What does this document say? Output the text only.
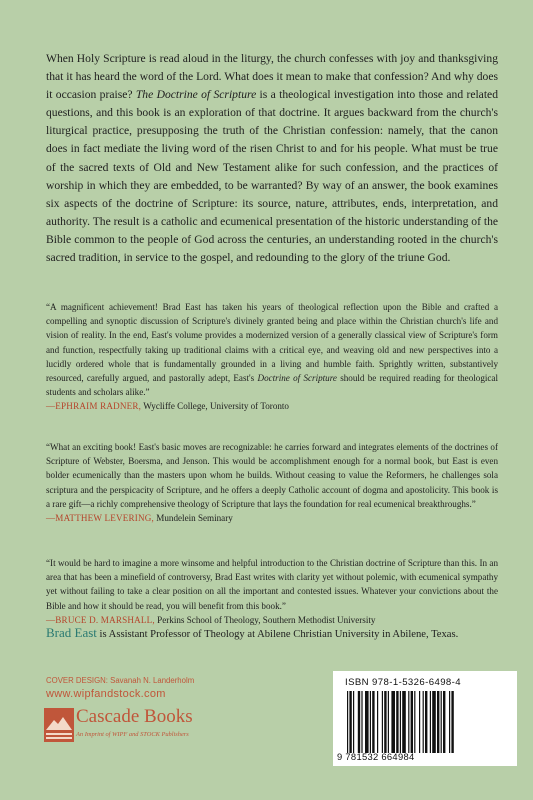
When Holy Scripture is read aloud in the liturgy, the church confesses with joy and thanksgiving that it has heard the word of the Lord. What does it mean to make that confession? And why does it occasion praise? The Doctrine of Scripture is a theological investigation into those and related questions, and this book is an exploration of that doctrine. It argues backward from the church's liturgical practice, presupposing the truth of the Christian confession: namely, that the canon does in fact mediate the living word of the risen Christ to and for his people. What must be true of the sacred texts of Old and New Testament alike for such confession, and the practices of worship in which they are embedded, to be warranted? By way of an answer, the book examines six aspects of the doctrine of Scripture: its source, nature, attributes, ends, interpretation, and authority. The result is a catholic and ecumenical presentation of the historic understanding of the Bible common to the people of God across the centuries, an understanding rooted in the church's sacred tradition, in service to the gospel, and redounding to the glory of the triune God.

“A magnificent achievement! Brad East has taken his years of theological reflection upon the Bible and crafted a compelling and synoptic discussion of Scripture's divinely granted being and place within the Christian church's life and vision of reality. In the end, East's volume provides a modernized version of a generally classical view of Scripture's form and function, respectfully taking up traditional claims with a critical eye, and weaving old and new perspectives into a lucidly ordered whole that is fundamentally grounded in a living and humble faith. Sprightly written, substantively resourced, carefully argued, and pastorally adept, East's Doctrine of Scripture should be required reading for theological students and scholars alike.”
—EPHRAIM RADNER, Wycliffe College, University of Toronto

“What an exciting book! East's basic moves are recognizable: he carries forward and integrates elements of the doctrines of Scripture of Webster, Boersma, and Jenson. This would be accomplishment enough for a normal book, but East is even bolder ecumenically than the masters upon whom he builds. Without ceasing to value the Reformers, he challenges sola scriptura and the perspicacity of Scripture, and he offers a deeply Catholic account of dogma and apostolicity. This book is a rare gift—a richly comprehensive theology of Scripture that lays the foundation for real ecumenical breakthroughs.”
—MATTHEW LEVERING, Mundelein Seminary

“It would be hard to imagine a more winsome and helpful introduction to the Christian doctrine of Scripture than this. In an area that has been a minefield of controversy, Brad East writes with clarity yet without polemic, with ecumenical sympathy yet without failing to take a clear position on all the important and contested issues. Whatever your convictions about the Bible and how it should be read, you will benefit from this book.”
—BRUCE D. MARSHALL, Perkins School of Theology, Southern Methodist University

Brad East is Assistant Professor of Theology at Abilene Christian University in Abilene, Texas.
COVER DESIGN: Savanah N. Landerholm
www.wipfandstock.com
Cascade Books
An Imprint of WIPF and STOCK Publishers
ISBN 978-1-5326-6498-4
9 781532 664984
